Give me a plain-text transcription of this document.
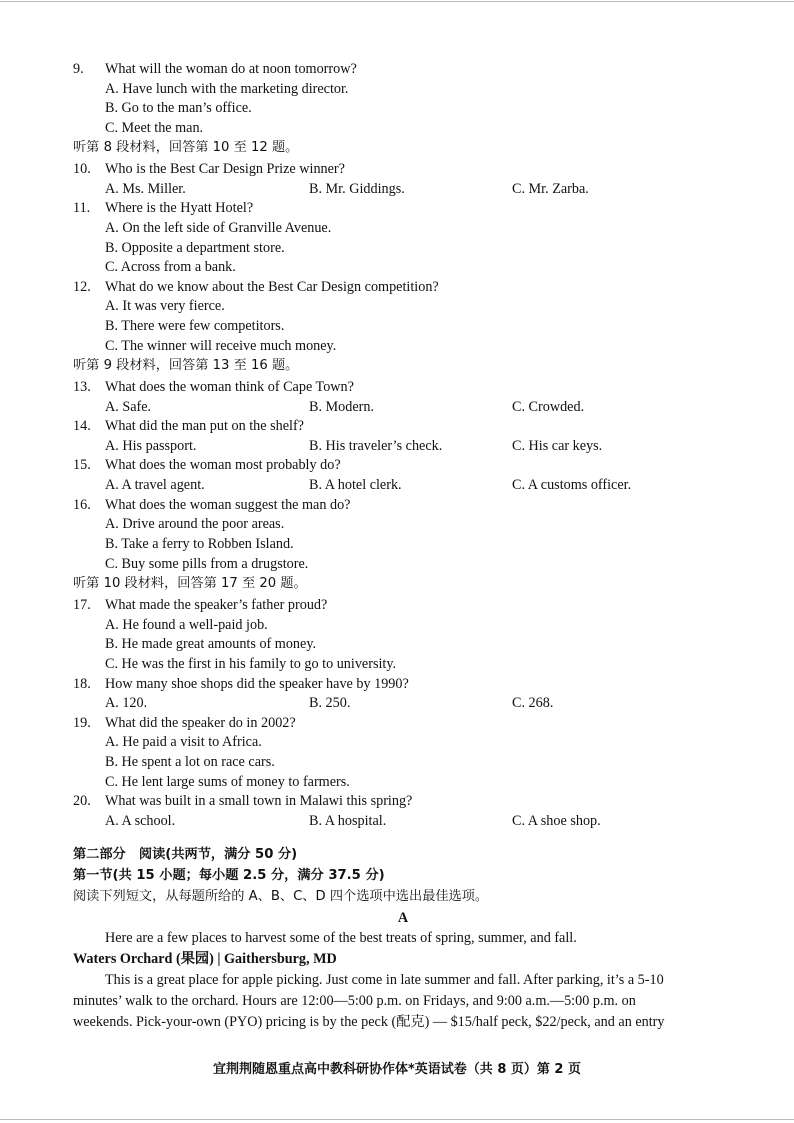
9. What will the woman do at noon tomorrow?
A. Have lunch with the marketing director.
B. Go to the man’s office.
C. Meet the man.
听第 8 段材料，回答第 10 至 12 题。
10. Who is the Best Car Design Prize winner?
A. Ms. Miller.	B. Mr. Giddings.	C. Mr. Zarba.
11. Where is the Hyatt Hotel?
A. On the left side of Granville Avenue.
B. Opposite a department store.
C. Across from a bank.
12. What do we know about the Best Car Design competition?
A. It was very fierce.
B. There were few competitors.
C. The winner will receive much money.
听第 9 段材料，回答第 13 至 16 题。
13. What does the woman think of Cape Town?
A. Safe.	B. Modern.	C. Crowded.
14. What did the man put on the shelf?
A. His passport.	B. His traveler’s check.	C. His car keys.
15. What does the woman most probably do?
A. A travel agent.	B. A hotel clerk.	C. A customs officer.
16. What does the woman suggest the man do?
A. Drive around the poor areas.
B. Take a ferry to Robben Island.
C. Buy some pills from a drugstore.
听第 10 段材料，回答第 17 至 20 题。
17. What made the speaker’s father proud?
A. He found a well-paid job.
B. He made great amounts of money.
C. He was the first in his family to go to university.
18. How many shoe shops did the speaker have by 1990?
A. 120.	B. 250.	C. 268.
19. What did the speaker do in 2002?
A. He paid a visit to Africa.
B. He spent a lot on race cars.
C. He lent large sums of money to farmers.
20. What was built in a small town in Malawi this spring?
A. A school.	B. A hospital.	C. A shoe shop.
第二部分　阅读(共两节，满分 50 分)
第一节(共 15 小题；每小题 2.5 分，满分 37.5 分)
阅读下列短文，从每题所给的 A、B、C、D 四个选项中选出最佳选项。
A
Here are a few places to harvest some of the best treats of spring, summer, and fall.
Waters Orchard (果园) | Gaithersburg, MD
This is a great place for apple picking. Just come in late summer and fall. After parking, it’s a 5-10
minutes’ walk to the orchard. Hours are 12:00—5:00 p.m. on Fridays, and 9:00 a.m.—5:00 p.m. on
weekends. Pick-your-own (PYO) pricing is by the peck (配克) — $15/half peck, $22/peck, and an entry
宜荆荆随恩重点高中教科研协作体*英语试卷（共 8 页）第 2 页
